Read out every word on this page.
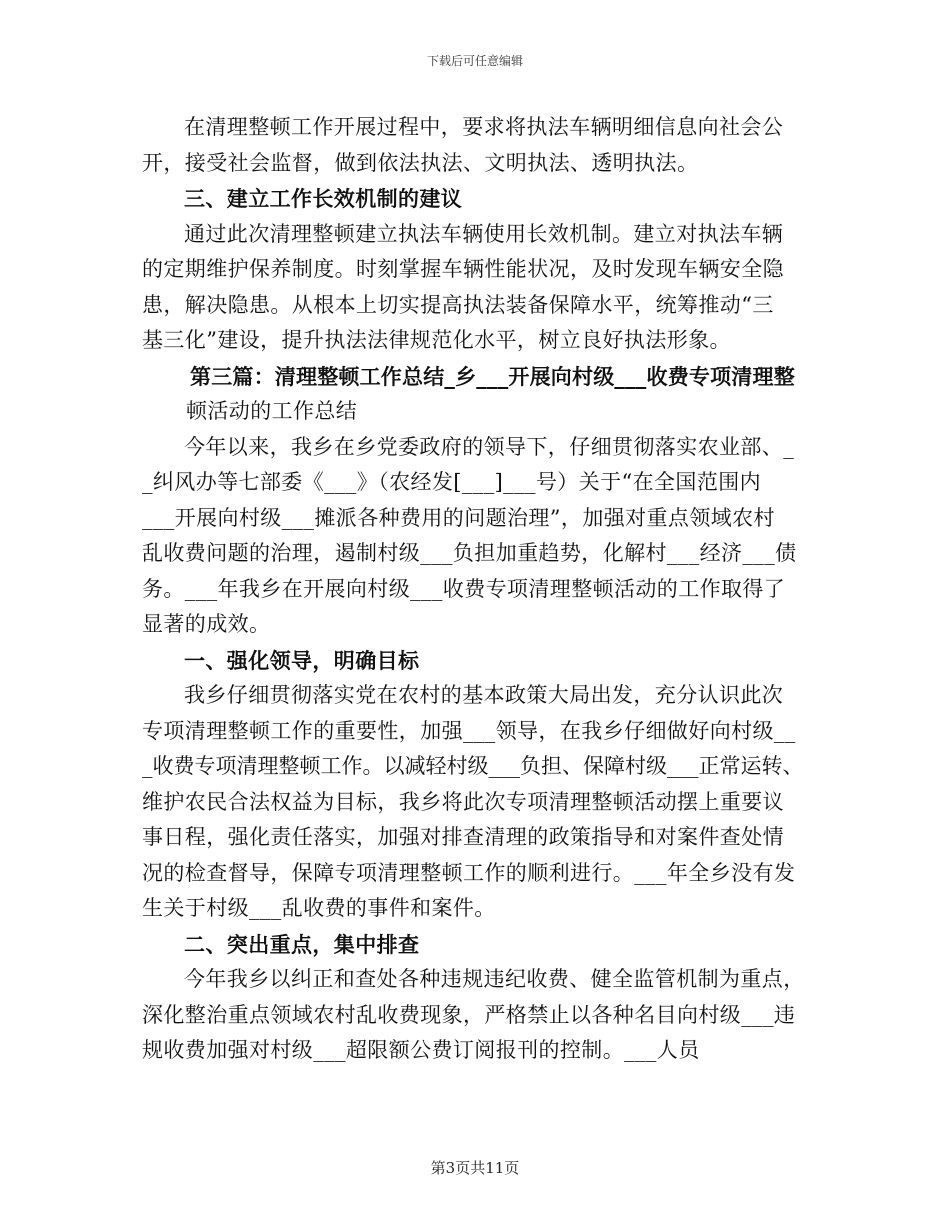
下载后可任意编辑
在清理整顿工作开展过程中，要求将执法车辆明细信息向社会公
开，接受社会监督，做到依法执法、文明执法、透明执法。
三、建立工作长效机制的建议
通过此次清理整顿建立执法车辆使用长效机制。建立对执法车辆
的定期维护保养制度。时刻掌握车辆性能状况，及时发现车辆安全隐
患，解决隐患。从根本上切实提高执法装备保障水平，统筹推动“三
基三化”建设，提升执法法律规范化水平，树立良好执法形象。
第三篇：清理整顿工作总结_乡___开展向村级___收费专项清理整
顿活动的工作总结
今年以来，我乡在乡党委政府的领导下，仔细贯彻落实农业部、_
_纠风办等七部委《___》（农经发[___]___号）关于“在全国范围内
___开展向村级___摊派各种费用的问题治理”，加强对重点领域农村
乱收费问题的治理，遏制村级___负担加重趋势，化解村___经济___债
务。___年我乡在开展向村级___收费专项清理整顿活动的工作取得了
显著的成效。
一、强化领导，明确目标
我乡仔细贯彻落实党在农村的基本政策大局出发，充分认识此次
专项清理整顿工作的重要性，加强___领导，在我乡仔细做好向村级__
_收费专项清理整顿工作。以减轻村级___负担、保障村级___正常运转、
维护农民合法权益为目标，我乡将此次专项清理整顿活动摆上重要议
事日程，强化责任落实，加强对排查清理的政策指导和对案件查处情
况的检查督导，保障专项清理整顿工作的顺利进行。___年全乡没有发
生关于村级___乱收费的事件和案件。
二、突出重点，集中排查
今年我乡以纠正和查处各种违规违纪收费、健全监管机制为重点，
深化整治重点领域农村乱收费现象，严格禁止以各种名目向村级___违
规收费加强对村级___超限额公费订阅报刊的控制。___人员
第3页共11页
